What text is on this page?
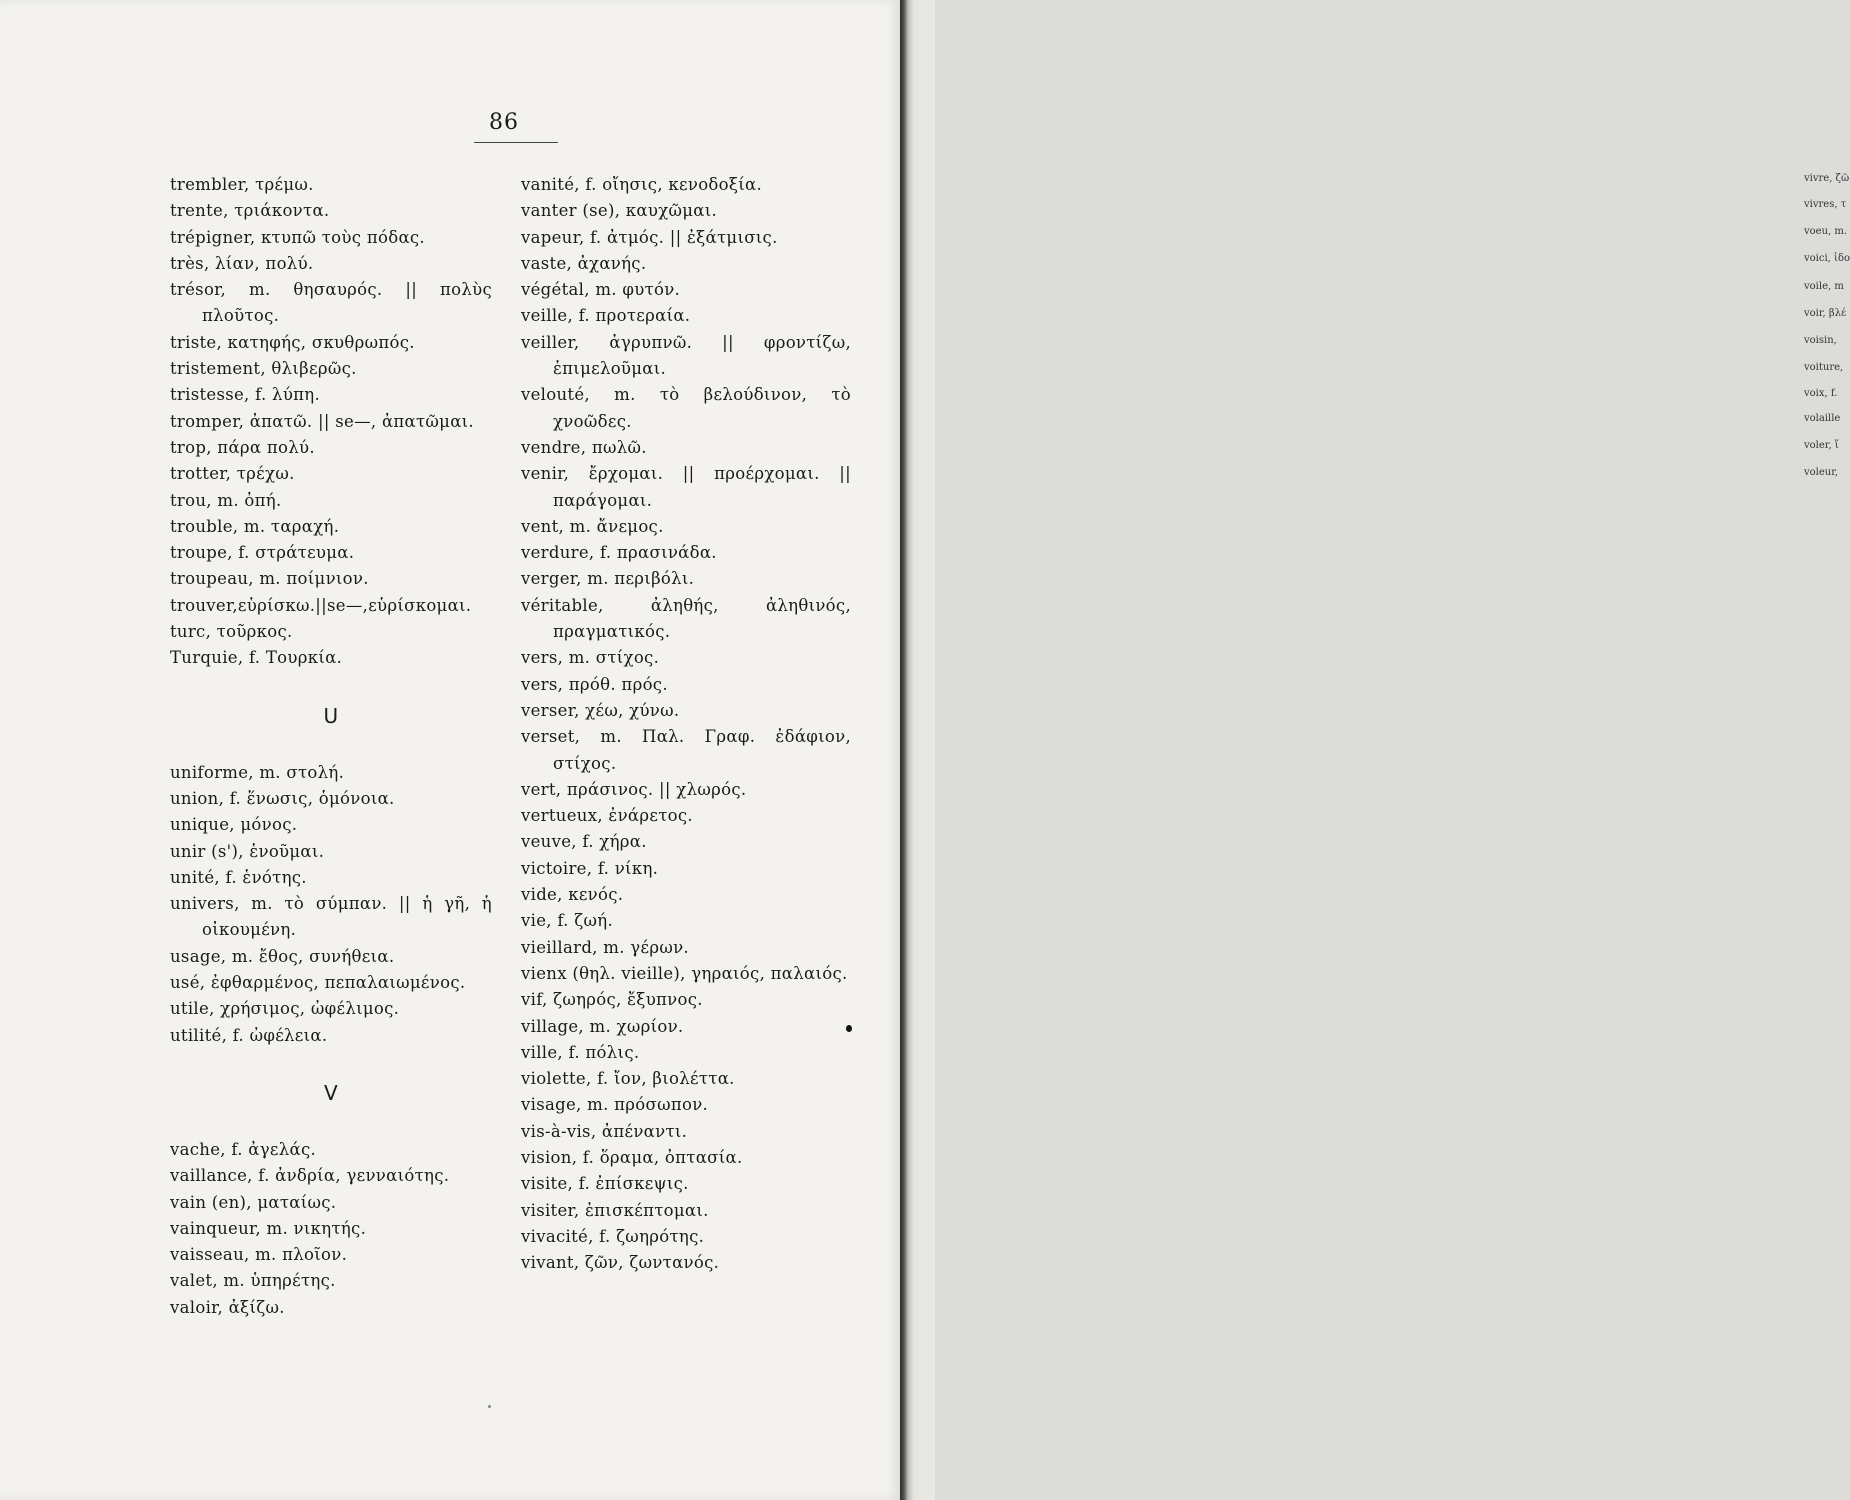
86
trembler, τρέμω.
trente, τριάκοντα.
trépigner, κτυπῶ τοὺς πόδας.
très, λίαν, πολύ.
trésor, m. θησαυρός. || πολὺς πλοῦτος.
triste, κατηφής, σκυθρωπός.
tristement, θλιβερῶς.
tristesse, f. λύπη.
tromper, ἀπατῶ. || se—, ἀπατῶμαι.
trop, πάρα πολύ.
trotter, τρέχω.
trou, m. ὀπή.
trouble, m. ταραχή.
troupe, f. στράτευμα.
troupeau, m. ποίμνιον.
trouver,εὑρίσκω.||se—,εὑρίσκομαι.
turc, τοῦρκος.
Turquie, f. Τουρκία.
U
uniforme, m. στολή.
union, f. ἕνωσις, ὁμόνοια.
unique, μόνος.
unir (s'), ἑνοῦμαι.
unité, f. ἑνότης.
univers, m. τὸ σύμπαν. || ἡ γῆ, ἡ οἰκουμένη.
usage, m. ἔθος, συνήθεια.
usé, ἐφθαρμένος, πεπαλαιωμένος.
utile, χρήσιμος, ὠφέλιμος.
utilité, f. ὠφέλεια.
V
vache, f. ἀγελάς.
vaillance, f. ἀνδρία, γενναιότης.
vain (en), ματαίως.
vainqueur, m. νικητής.
vaisseau, m. πλοῖον.
valet, m. ὑπηρέτης.
valoir, ἀξίζω.
vanité, f. οἴησις, κενοδοξία.
vanter (se), καυχῶμαι.
vapeur, f. ἀτμός. || ἐξάτμισις.
vaste, ἀχανής.
végétal, m. φυτόν.
veille, f. προτεραία.
veiller, ἀγρυπνῶ. || φροντίζω, ἐπιμελοῦμαι.
velouté, m. τὸ βελούδινον, τὸ χνοῶδες.
vendre, πωλῶ.
venir, ἔρχομαι. || προέρχομαι. || παράγομαι.
vent, m. ἄνεμος.
verdure, f. πρασινάδα.
verger, m. περιβόλι.
véritable, ἀληθής, ἀληθινός, πραγματικός.
vers, m. στίχος.
vers, πρόθ. πρός.
verser, χέω, χύνω.
verset, m. Παλ. Γραφ. ἐδάφιον, στίχος.
vert, πράσινος. || χλωρός.
vertueux, ἐνάρετος.
veuve, f. χήρα.
victoire, f. νίκη.
vide, κενός.
vie, f. ζωή.
vieillard, m. γέρων.
vienx (θηλ. vieille), γηραιός, παλαιός.
vif, ζωηρός, ἔξυπνος.
village, m. χωρίον.
ville, f. πόλις.
violette, f. ἴον, βιολέττα.
visage, m. πρόσωπον.
vis-à-vis, ἀπέναντι.
vision, f. ὅραμα, ὀπτασία.
visite, f. ἐπίσκεψις.
visiter, ἐπισκέπτομαι.
vivacité, f. ζωηρότης.
vivant, ζῶν, ζωντανός.
vivre, ζῶ
vivres, τ
voeu, m.
voici, ἰδο
voile, m
voir, βλέ
voisin,
voiture,
voix, f.
volaille
voler, ἵ
voleur,
